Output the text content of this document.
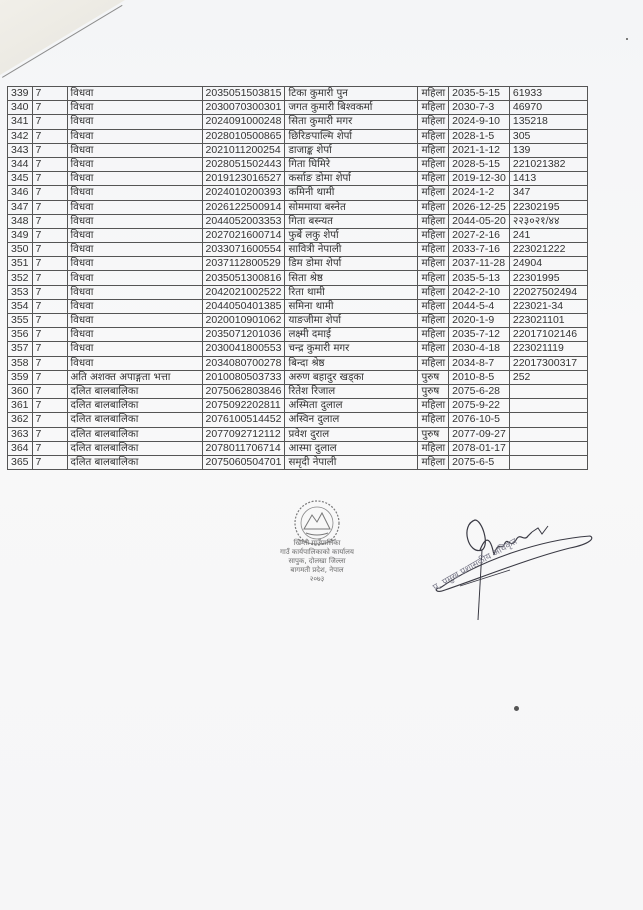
339	7	विधवा	2035051503815	टिका कुमारी पुन	महिला	2035-5-15	61933
340	7	विधवा	2030070300301	जगत कुमारी बिश्वकर्मा	महिला	2030-7-3	46970
341	7	विधवा	2024091000248	सिता कुमारी मगर	महिला	2024-9-10	135218
342	7	विधवा	2028010500865	छिरिङपाल्मि शेर्पा	महिला	2028-1-5	305
343	7	विधवा	2021011200254	डाजाङ्क शेर्पा	महिला	2021-1-12	139
344	7	विधवा	2028051502443	गिता घिमिरे	महिला	2028-5-15	221021382
345	7	विधवा	2019123016527	कर्साङ डोमा शेर्पा	महिला	2019-12-30	1413
346	7	विधवा	2024010200393	कमिनी थामी	महिला	2024-1-2	347
347	7	विधवा	2026122500914	सोममाया बस्नेत	महिला	2026-12-25	22302195
348	7	विधवा	2044052003353	गिता बस्न्यत	महिला	2044-05-20	२२३०२१/४४
349	7	विधवा	2027021600714	फुर्बे लकु शेर्पा	महिला	2027-2-16	241
350	7	विधवा	2033071600554	सावित्री नेपाली	महिला	2033-7-16	223021222
351	7	विधवा	2037112800529	डिम डोमा शेर्पा	महिला	2037-11-28	24904
352	7	विधवा	2035051300816	सिता श्रेष्ठ	महिला	2035-5-13	22301995
353	7	विधवा	2042021002522	रिता थामी	महिला	2042-2-10	22027502494
354	7	विधवा	2044050401385	समिना थामी	महिला	2044-5-4	223021-34
355	7	विधवा	2020010901062	याङजीमा शेर्पा	महिला	2020-1-9	223021101
356	7	विधवा	2035071201036	लक्ष्मी दमाई	महिला	2035-7-12	22017102146
357	7	विधवा	2030041800553	चन्द्र कुमारी मगर	महिला	2030-4-18	223021119
358	7	विधवा	2034080700278	बिन्दा श्रेष्ठ	महिला	2034-8-7	22017300317
359	7	अति अशक्त अपाङ्गता भत्ता	2010080503733	अरुण बहादुर खड्का	पुरुष	2010-8-5	252
360	7	दलित बालबालिका	2075062803846	रितेश रिजाल	पुरुष	2075-6-28	
361	7	दलित बालबालिका	2075092202811	अस्मिता दुलाल	महिला	2075-9-22	
362	7	दलित बालबालिका	2076100514452	अस्विन दुलाल	महिला	2076-10-5	
363	7	दलित बालबालिका	2077092712112	प्रवेश दुराल	पुरुष	2077-09-27	
364	7	दलित बालबालिका	2078011706714	आस्मा दुलाल	महिला	2078-01-17	
365	7	दलित बालबालिका	2075060504701	समृदी नेपाली	महिला	2075-6-5	
खिम्ती गाउँपालिका
गाउँ कार्यपालिकाको कार्यालय
सापुक, दोलखा जिल्ला
बागमती प्रदेश, नेपाल
२०७३	प्र. प्रमुख प्रशासकीय अधिकृत
